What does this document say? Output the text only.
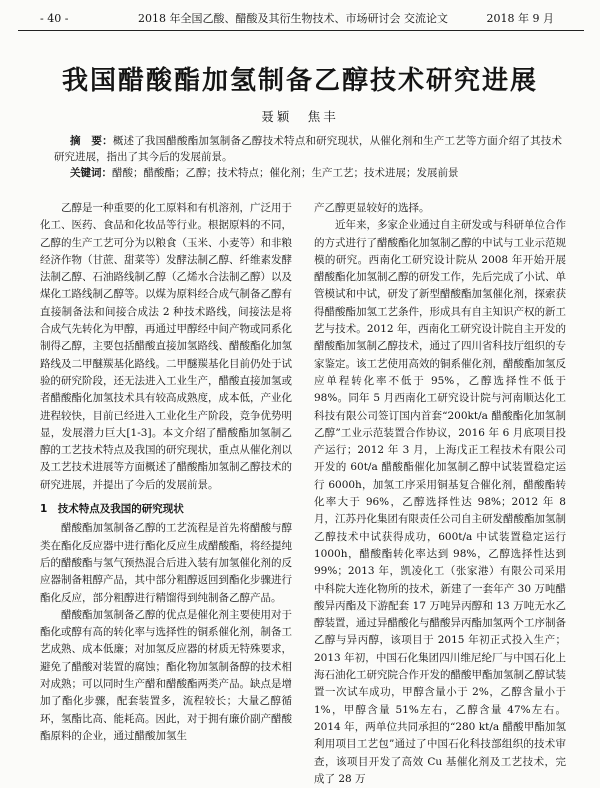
- 40 -	2018 年全国乙酸、醋酸及其衍生物技术、市场研讨会 交流论文	2018 年 9 月
我国醋酸酯加氢制备乙醇技术研究进展
聂颖　焦丰

摘　要：概述了我国醋酸酯加氢制备乙醇技术特点和研究现状，从催化剂和生产工艺等方面介绍了其技术研究进展，指出了其今后的发展前景。

关键词：醋酸；醋酸酯；乙醇；技术特点；催化剂；生产工艺；技术进展；发展前景

乙醇是一种重要的化工原料和有机溶剂，广泛用于化工、医药、食品和化妆品等行业。根据原料的不同，乙醇的生产工艺可分为以粮食（玉米、小麦等）和非粮经济作物（甘蔗、甜菜等）发酵法制乙醇、纤维素发酵法制乙醇、石油路线制乙醇（乙烯水合法制乙醇）以及煤化工路线制乙醇等。以煤为原料经合成气制备乙醇有直接制备法和间接合成法 2 种技术路线，间接法是将合成气先转化为甲醇，再通过甲醇经中间产物或同系化制得乙醇，主要包括醋酸直接加氢路线、醋酸酯化加氢路线及二甲醚羰基化路线。二甲醚羰基化目前仍处于试验的研究阶段，还无法进入工业生产，醋酸直接加氢或者醋酸酯化加氢技术具有较高成熟度，成本低，产业化进程较快，目前已经进入工业化生产阶段，竞争优势明显，发展潜力巨大[1-3]。本文介绍了醋酸酯加氢制乙醇的工艺技术特点及我国的研究现状，重点从催化剂以及工艺技术进展等方面概述了醋酸酯加氢制乙醇技术的研究进展，并提出了今后的发展前景。

1　技术特点及我国的研究现状

醋酸酯加氢制备乙醇的工艺流程是首先将醋酸与醇类在酯化反应器中进行酯化反应生成醋酸酯，将经提纯后的醋酸酯与氢气预热混合后进入装有加氢催化剂的反应器制备粗醇产品，其中部分粗醇返回到酯化步骤进行酯化反应，部分粗醇进行精馏得到纯制备乙醇产品。

醋酸酯加氢制备乙醇的优点是催化剂主要使用对于酯化或醇有高的转化率与选择性的铜系催化剂，制备工艺成熟、成本低廉；对加氢反应器的材质无特殊要求，避免了醋酸对装置的腐蚀；酯化物加氢制备醇的技术相对成熟；可以同时生产醋和醋酸酯两类产品。缺点是增加了酯化步骤，配套装置多，流程较长；大量乙醇循环，氢酯比高、能耗高。因此，对于拥有廉价副产醋酸酯原料的企业，通过醋酸加氢生

产乙醇更显较好的选择。

近年来，多家企业通过自主研发或与科研单位合作的方式进行了醋酸酯化加氢制乙醇的中试与工业示范规模的研究。西南化工研究设计院从 2008 年开始开展醋酸酯化加氢制乙醇的研发工作，先后完成了小试、单管模试和中试，研发了新型醋酸酯加氢催化剂，探索获得醋酸酯加氢工艺条件，形成具有自主知识产权的新工艺与技术。2012 年，西南化工研究设计院自主开发的醋酸酯加氢制乙醇技术，通过了四川省科技厅组织的专家鉴定。该工艺使用高效的铜系催化剂，醋酸酯加氢反应单程转化率不低于 95%，乙醇选择性不低于 98%。同年 5 月西南化工研究设计院与河南顺达化工科技有限公司签订国内首套“200kt/a 醋酸酯化加氢制乙醇”工业示范装置合作协议，2016 年 6 月底项目投产运行；2012 年 3 月，上海戊正工程技术有限公司开发的 60t/a 醋酸酯催化加氢制乙醇中试装置稳定运行 6000h，加氢工序采用铜基复合催化剂，醋酸酯转化率大于 96%，乙醇选择性达 98%；2012 年 8 月，江苏丹化集团有限责任公司自主研发醋酸酯加氢制乙醇技术中试获得成功，600t/a 中试装置稳定运行 1000h，醋酸酯转化率达到 98%，乙醇选择性达到 99%；2013 年，凯凌化工（张家港）有限公司采用中科院大连化物所的技术，新建了一套年产 30 万吨醋酸异丙酯及下游配套 17 万吨异丙醇和 13 万吨无水乙醇装置，通过异醋酸化与醋酸异丙酯加氢两个工序制备乙醇与异丙醇，该项目于 2015 年初正式投入生产；2013 年初，中国石化集团四川维尼纶厂与中国石化上海石油化工研究院合作开发的醋酸甲酯加氢制乙醇试装置一次试车成功，甲醇含量小于 2%，乙醇含量小于 1%，甲醇含量 51%左右，乙醇含量 47%左右。2014 年，两单位共同承担的“280 kt/a 醋酸甲酯加氢利用项目工艺包”通过了中国石化科技部组织的技术审查，该项目开发了高效 Cu 基催化剂及工艺技术，完成了 28 万
